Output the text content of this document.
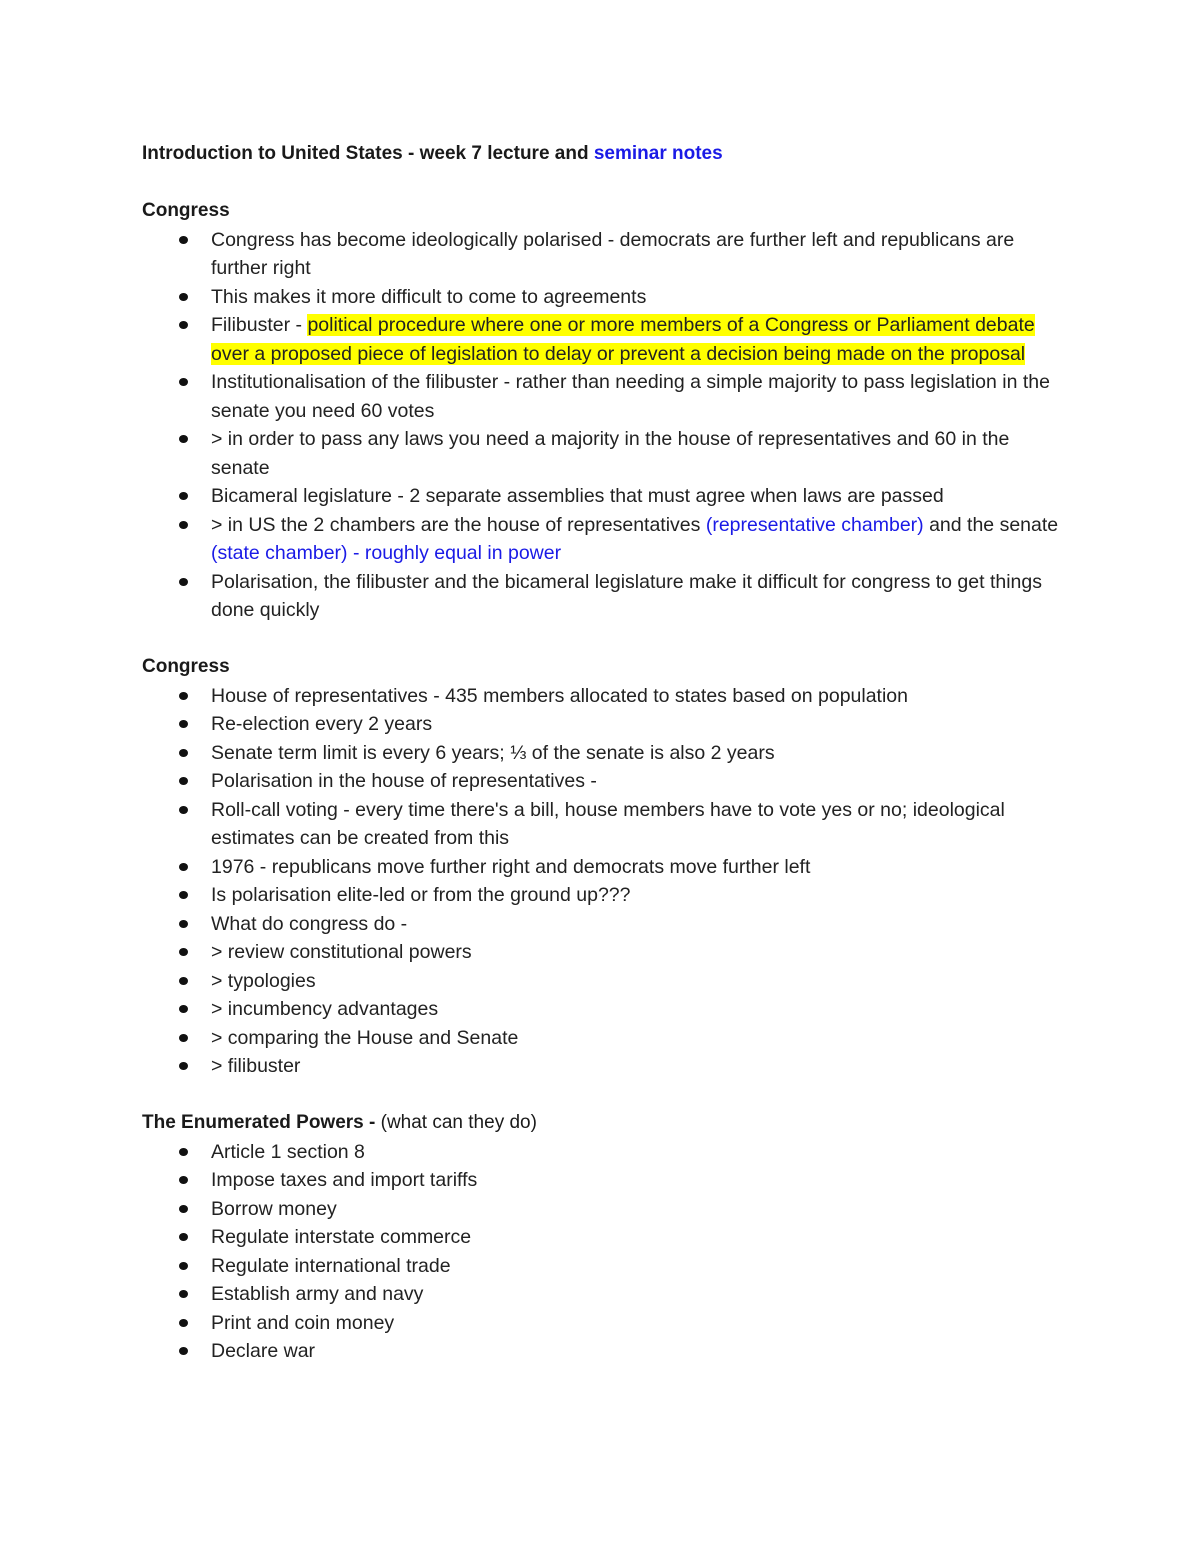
Introduction to United States - week 7 lecture and seminar notes
Congress
Congress has become ideologically polarised - democrats are further left and republicans are further right
This makes it more difficult to come to agreements
Filibuster - political procedure where one or more members of a Congress or Parliament debate over a proposed piece of legislation to delay or prevent a decision being made on the proposal
Institutionalisation of the filibuster - rather than needing a simple majority to pass legislation in the senate you need 60 votes
> in order to pass any laws you need a majority in the house of representatives and 60 in the senate
Bicameral legislature - 2 separate assemblies that must agree when laws are passed
> in US the 2 chambers are the house of representatives (representative chamber) and the senate (state chamber) - roughly equal in power
Polarisation, the filibuster and the bicameral legislature make it difficult for congress to get things done quickly
Congress
House of representatives - 435 members allocated to states based on population
Re-election every 2 years
Senate term limit is every 6 years; ⅓ of the senate is also 2 years
Polarisation in the house of representatives -
Roll-call voting - every time there's a bill, house members have to vote yes or no; ideological estimates can be created from this
1976 - republicans move further right and democrats move further left
Is polarisation elite-led or from the ground up???
What do congress do -
> review constitutional powers
> typologies
> incumbency advantages
> comparing the House and Senate
> filibuster
The Enumerated Powers - (what can they do)
Article 1 section 8
Impose taxes and import tariffs
Borrow money
Regulate interstate commerce
Regulate international trade
Establish army and navy
Print and coin money
Declare war
